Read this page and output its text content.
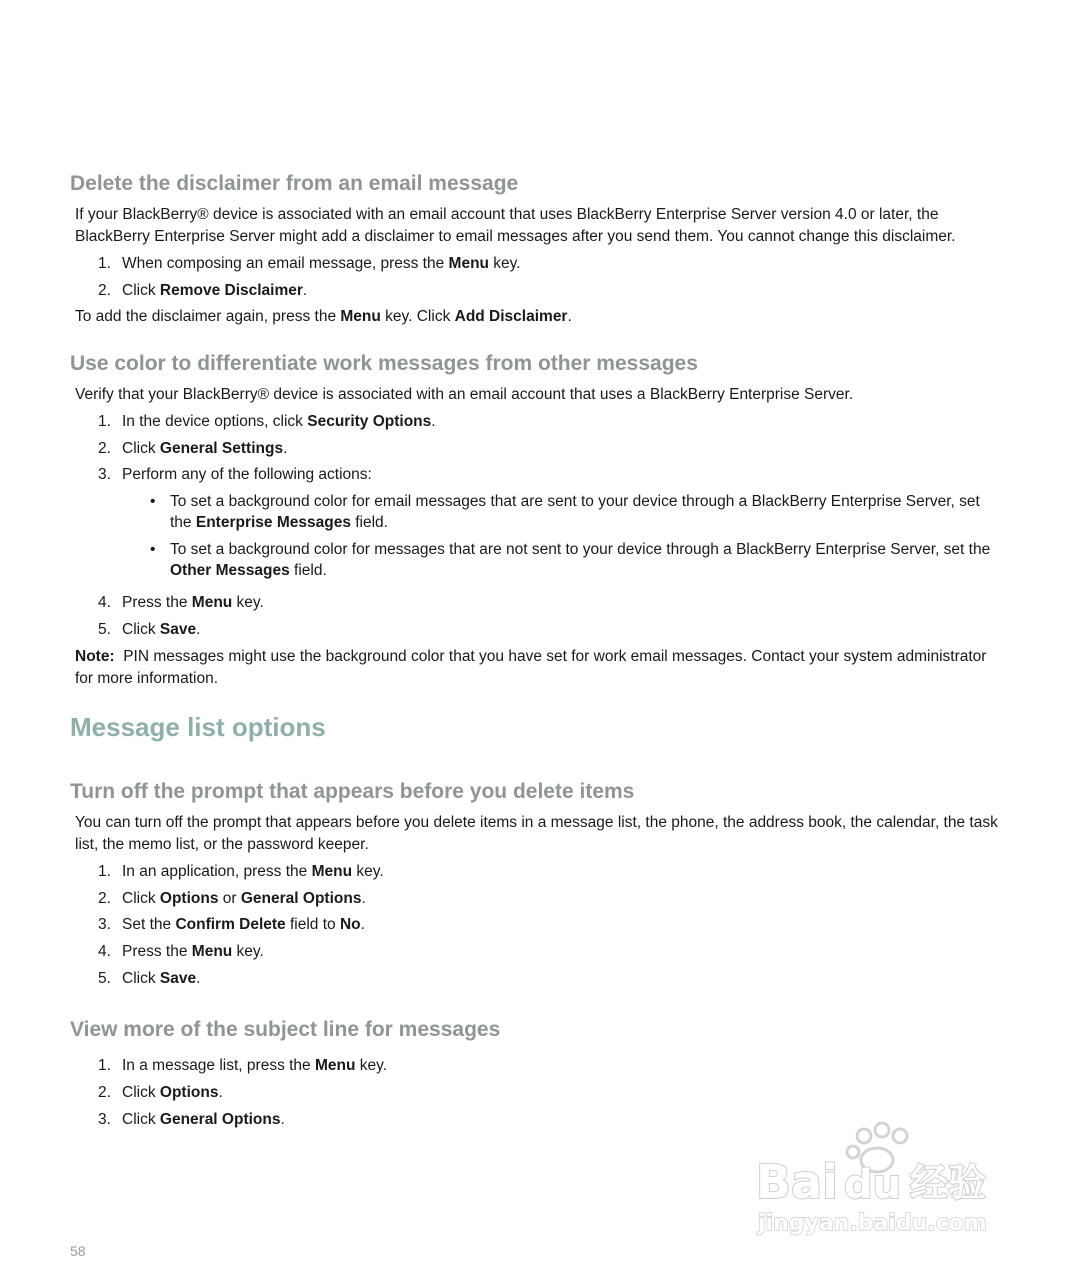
Delete the disclaimer from an email message

If your BlackBerry® device is associated with an email account that uses BlackBerry Enterprise Server version 4.0 or later, the BlackBerry Enterprise Server might add a disclaimer to email messages after you send them. You cannot change this disclaimer.

1. When composing an email message, press the Menu key.
2. Click Remove Disclaimer.

To add the disclaimer again, press the Menu key. Click Add Disclaimer.

Use color to differentiate work messages from other messages

Verify that your BlackBerry® device is associated with an email account that uses a BlackBerry Enterprise Server.

1. In the device options, click Security Options.
2. Click General Settings.
3. Perform any of the following actions:
• To set a background color for email messages that are sent to your device through a BlackBerry Enterprise Server, set the Enterprise Messages field.
• To set a background color for messages that are not sent to your device through a BlackBerry Enterprise Server, set the Other Messages field.
4. Press the Menu key.
5. Click Save.

Note:  PIN messages might use the background color that you have set for work email messages. Contact your system administrator for more information.

Message list options
Turn off the prompt that appears before you delete items

You can turn off the prompt that appears before you delete items in a message list, the phone, the address book, the calendar, the task list, the memo list, or the password keeper.

1. In an application, press the Menu key.
2. Click Options or General Options.
3. Set the Confirm Delete field to No.
4. Press the Menu key.
5. Click Save.
View more of the subject line for messages
1. In a message list, press the Menu key.
2. Click Options.
3. Click General Options.
Bai du 经验
jingyan.baidu.com
58
